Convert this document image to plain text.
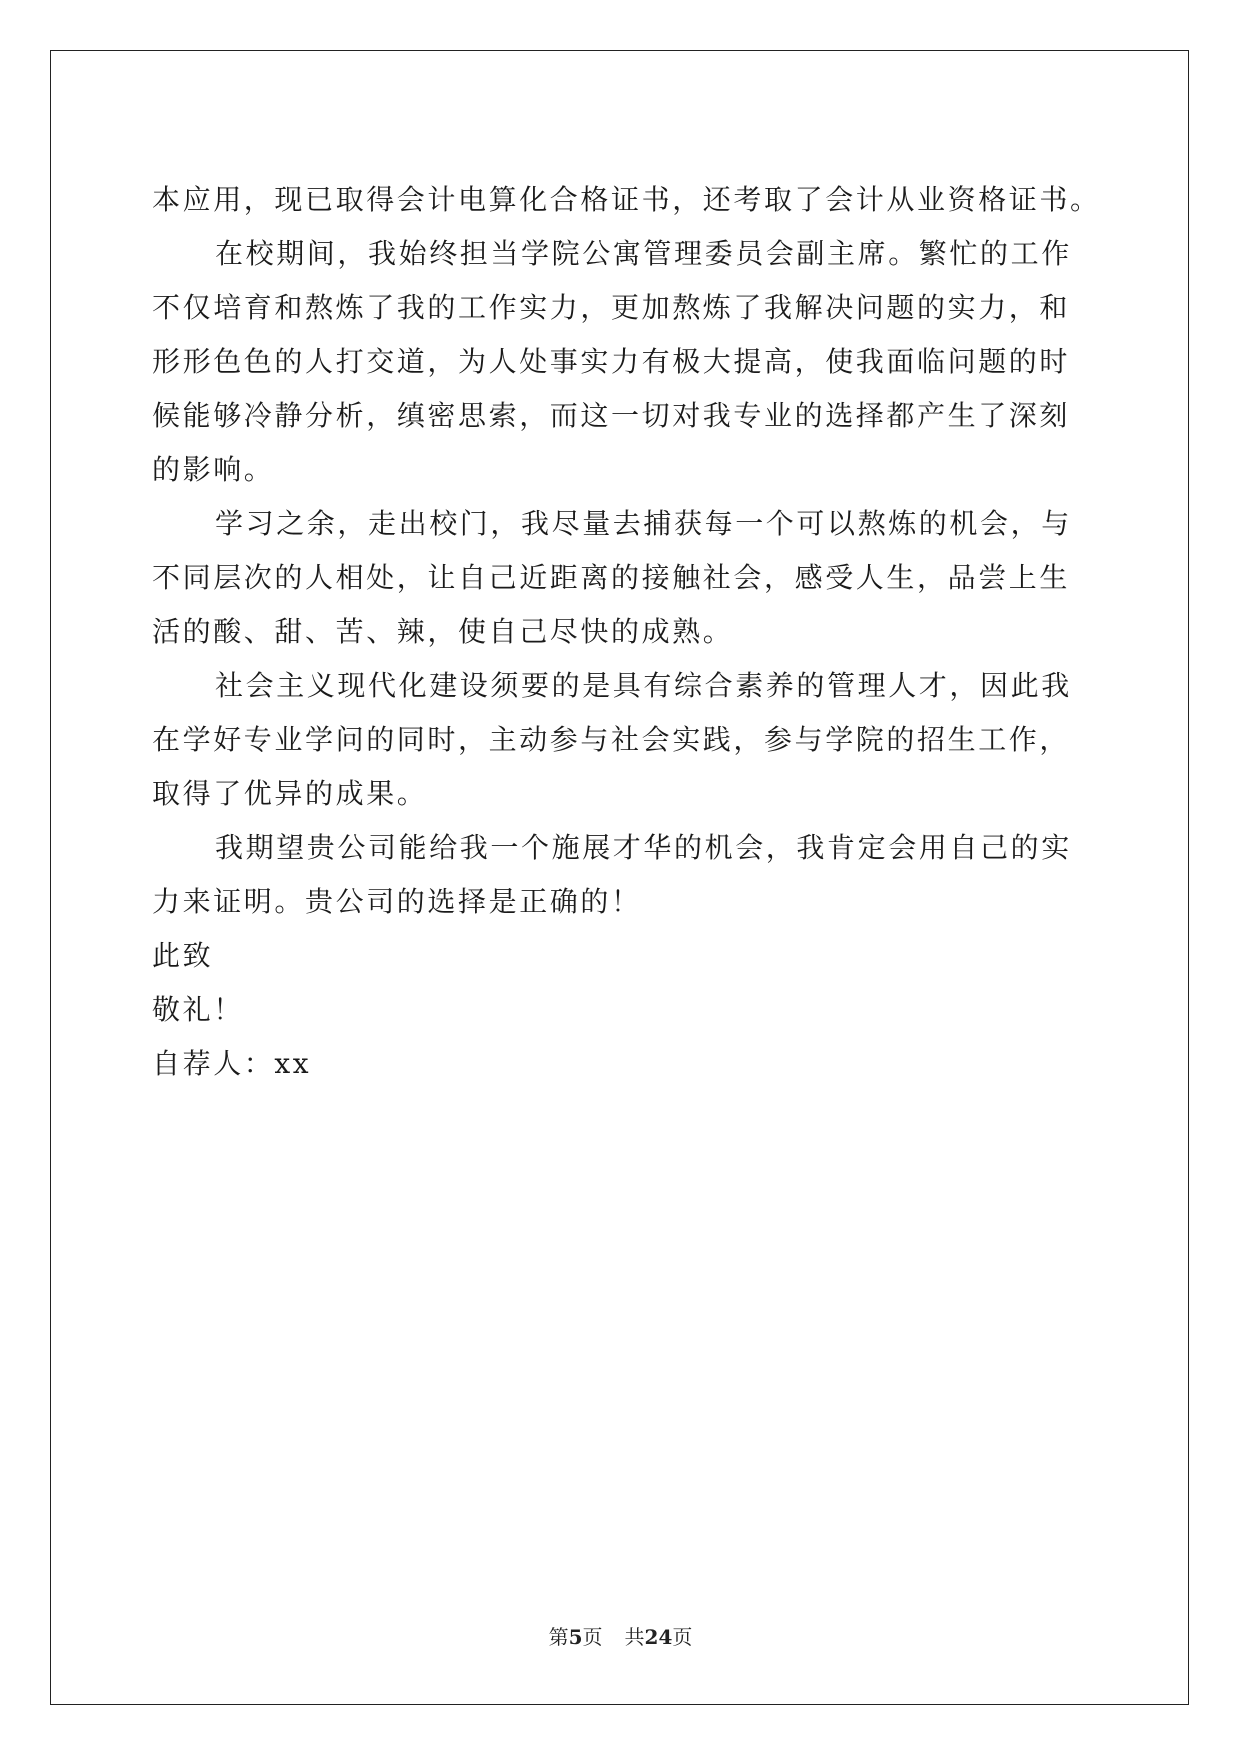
本应用，现已取得会计电算化合格证书，还考取了会计从业资格证书。
在校期间，我始终担当学院公寓管理委员会副主席。繁忙的工作
不仅培育和熬炼了我的工作实力，更加熬炼了我解决问题的实力，和
形形色色的人打交道，为人处事实力有极大提高，使我面临问题的时
候能够冷静分析，缜密思索，而这一切对我专业的选择都产生了深刻
的影响。
学习之余，走出校门，我尽量去捕获每一个可以熬炼的机会，与
不同层次的人相处，让自己近距离的接触社会，感受人生，品尝上生
活的酸、甜、苦、辣，使自己尽快的成熟。
社会主义现代化建设须要的是具有综合素养的管理人才，因此我
在学好专业学问的同时，主动参与社会实践，参与学院的招生工作，
取得了优异的成果。
我期望贵公司能给我一个施展才华的机会，我肯定会用自己的实
力来证明。贵公司的选择是正确的！
此致
敬礼！
自荐人：xx
第5页 共24页
